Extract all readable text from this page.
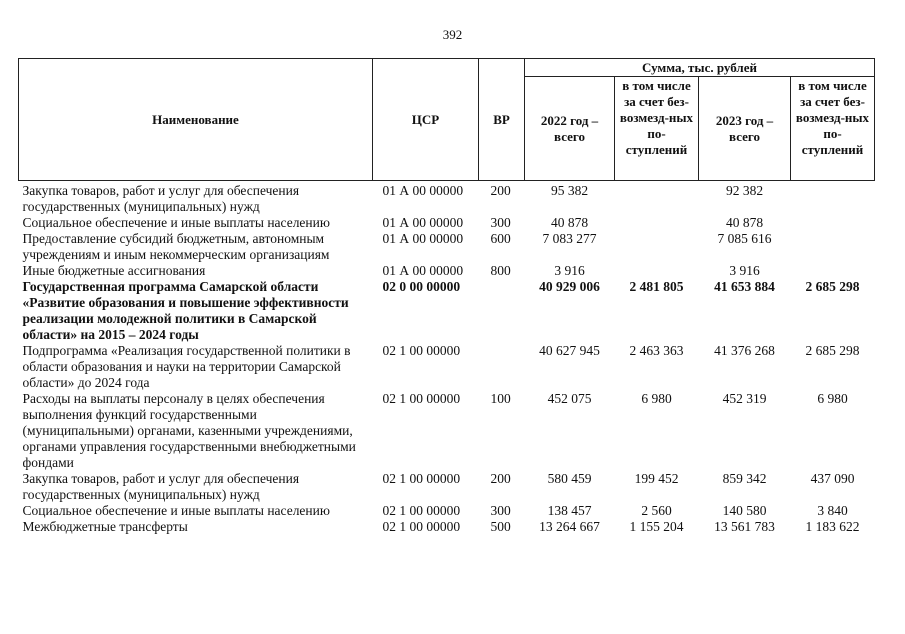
392
Наименование	ЦСР	ВР	Сумма, тыс. рублей			
			2022 год – всего	в том числе за счет без-возмезд-ных по-ступлений	2023 год – всего	в том числе за счет без-возмезд-ных по-ступлений
Закупка товаров, работ и услуг для обеспечения государственных (муниципальных) нужд	01 А 00 00000	200	95 382		92 382	
Социальное обеспечение и иные выплаты населению	01 А 00 00000	300	40 878		40 878	
Предоставление субсидий бюджетным, автономным учреждениям и иным некоммерческим организациям	01 А 00 00000	600	7 083 277		7 085 616	
Иные бюджетные ассигнования	01 А 00 00000	800	3 916		3 916	
Государственная программа Самарской области «Развитие образования и повышение эффективности реализации молодежной политики в Самарской области» на 2015 – 2024 годы	02 0 00 00000		40 929 006	2 481 805	41 653 884	2 685 298
Подпрограмма «Реализация государственной политики в области образования и науки на территории Самарской области» до 2024 года	02 1 00 00000		40 627 945	2 463 363	41 376 268	2 685 298
Расходы на выплаты персоналу в целях обеспечения выполнения функций государственными (муниципальными) органами, казенными учреждениями, органами управления государственными внебюджетными фондами	02 1 00 00000	100	452 075	6 980	452 319	6 980
Закупка товаров, работ и услуг для обеспечения государственных (муниципальных) нужд	02 1 00 00000	200	580 459	199 452	859 342	437 090
Социальное обеспечение и иные выплаты населению	02 1 00 00000	300	138 457	2 560	140 580	3 840
Межбюджетные трансферты	02 1 00 00000	500	13 264 667	1 155 204	13 561 783	1 183 622
